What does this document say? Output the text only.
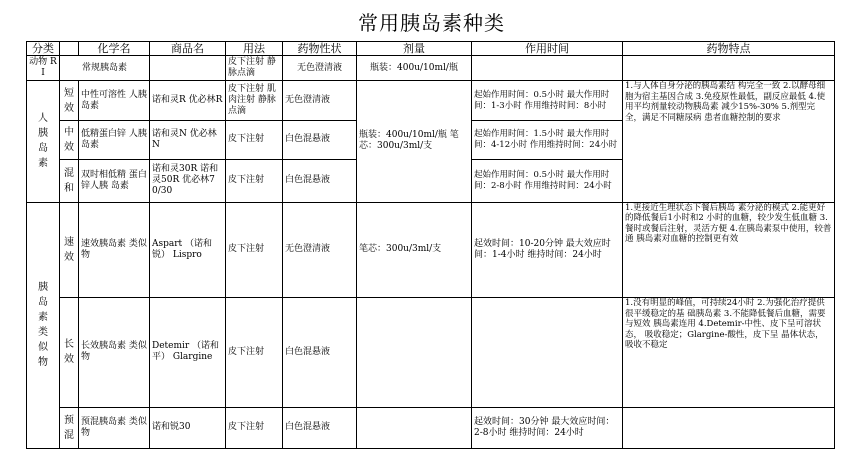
常用胰岛素种类
分类		化学名	商品名	用法	药物性状	剂量	作用时间	药物特点
动物 RI	常规胰岛素			皮下注射 静脉点滴	无色澄清液	瓶装：400u/10ml/瓶		

人胰岛素	短效	中性可溶性 人胰岛素	诺和灵R 优必林R	皮下注射 肌肉注射 静脉点滴	无色澄清液	瓶装：400u/10ml/瓶 笔芯：300u/3ml/支	起始作用时间：0.5小时 最大作用时间：1-3小时 作用维持时间：8小时	1.与人体自身分泌的胰岛素结 构完全一致 2.以酵母细胞为宿主基因合成 3.免疫原性最低，副反应最低 4.使用平均剂量较动物胰岛素 减少15%-30% 5.剂型完全，满足不同糖尿病 患者血糖控制的要求

	中效	低精蛋白锌 人胰岛素	诺和灵N 优必林N	皮下注射	白色混悬液		起始作用时间：1.5小时 最大作用时间：4-12小时 作用维持时间：24小时	

	混和	双时相低精 蛋白锌人胰 岛素	诺和灵30R 诺和灵50R 优必林70/30	皮下注射	白色混悬液		起始作用时间：0.5小时 最大作用时间：2-8小时 作用维持时间：24小时	

胰岛素类似物	速效	速效胰岛素 类似物	Aspart （诺和锐） Lispro	皮下注射	无色澄清液	笔芯：300u/3ml/支	起效时间：10-20分钟 最大效应时间：1-4小时 维持时间：24小时	1.更接近生理状态下餐后胰岛 素分泌的模式 2.能更好的降低餐后1小时和2 小时的血糖，较少发生低血糖 3.餐时或餐后注射，灵活方便 4.在胰岛素泵中使用，较普通 胰岛素对血糖的控制更有效

	长效	长效胰岛素 类似物	Detemir （诺和平） Glargine	皮下注射	白色混悬液			1.没有明显的峰值，可持续24小时 2.为强化治疗提供很平缓稳定的基 础胰岛素 3.不能降低餐后血糖，需要与短效 胰岛素连用 4.Detemir-中性、皮下呈可溶状态， 吸收稳定；Glargine-酸性，皮下呈 晶体状态，吸收不稳定

	预混	预混胰岛素 类似物	诺和锐30	皮下注射	白色混悬液		起效时间：30分钟 最大效应时间：2-8小时 维持时间：24小时	
